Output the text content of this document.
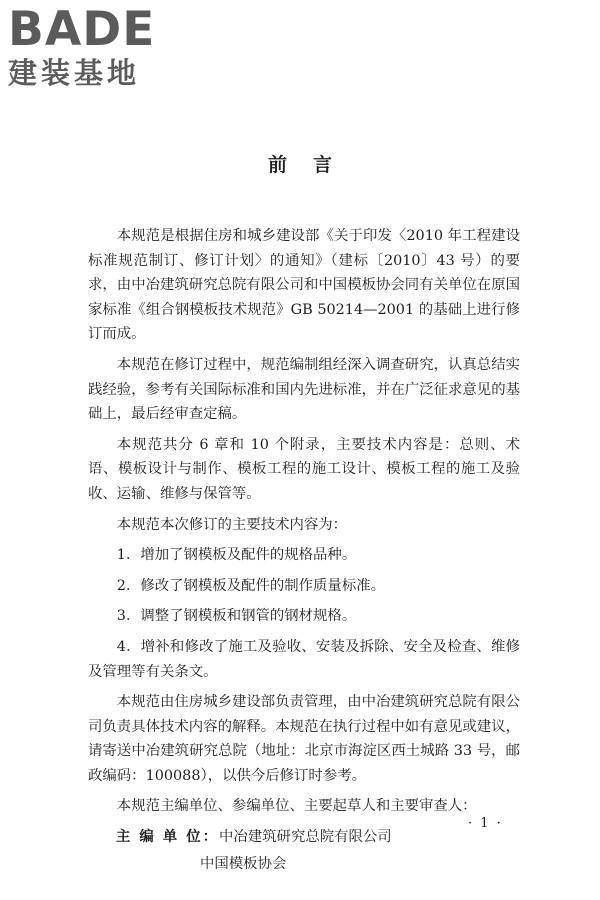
BADE
建装基地
前言

本规范是根据住房和城乡建设部《关于印发〈2010 年工程建设标准规范制订、修订计划〉的通知》（建标〔2010〕43 号）的要求，由中冶建筑研究总院有限公司和中国模板协会同有关单位在原国家标准《组合钢模板技术规范》GB 50214—2001 的基础上进行修订而成。

本规范在修订过程中，规范编制组经深入调查研究，认真总结实践经验，参考有关国际标准和国内先进标准，并在广泛征求意见的基础上，最后经审查定稿。

本规范共分 6 章和 10 个附录，主要技术内容是：总则、术语、模板设计与制作、模板工程的施工设计、模板工程的施工及验收、运输、维修与保管等。

本规范本次修订的主要技术内容为：

1．增加了钢模板及配件的规格品种。

2．修改了钢模板及配件的制作质量标准。

3．调整了钢模板和钢管的钢材规格。

4．增补和修改了施工及验收、安装及拆除、安全及检查、维修及管理等有关条文。

本规范由住房城乡建设部负责管理，由中冶建筑研究总院有限公司负责具体技术内容的解释。本规范在执行过程中如有意见或建议，请寄送中冶建筑研究总院（地址：北京市海淀区西土城路 33 号，邮政编码：100088），以供今后修订时参考。

本规范主编单位、参编单位、主要起草人和主要审查人：

主 编 单 位：中冶建筑研究总院有限公司

中国模板协会

· 1 ·
